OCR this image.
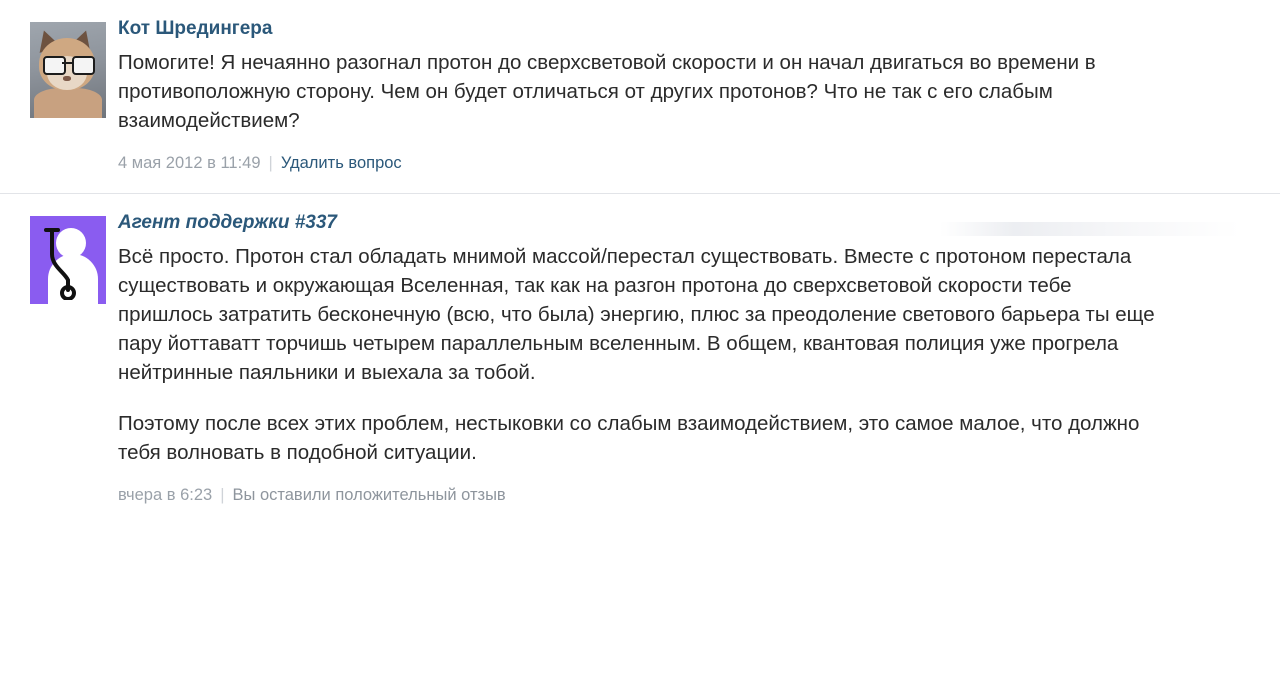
Кот Шредингера

Помогите! Я нечаянно разогнал протон до сверхсветовой скорости и он начал двигаться во времени в противоположную сторону. Чем он будет отличаться от других протонов? Что не так с его слабым взаимодействием?

4 мая 2012 в 11:49 | Удалить вопрос
Агент поддержки #337

Всё просто. Протон стал обладать мнимой массой/перестал существовать. Вместе с протоном перестала существовать и окружающая Вселенная, так как на разгон протона до сверхсветовой скорости тебе пришлось затратить бесконечную (всю, что была) энергию, плюс за преодоление светового барьера ты еще пару йоттаватт торчишь четырем параллельным вселенным. В общем, квантовая полиция уже прогрела нейтринные паяльники и выехала за тобой.

Поэтому после всех этих проблем, нестыковки со слабым взаимодействием, это самое малое, что должно тебя волновать в подобной ситуации.

вчера в 6:23 | Вы оставили положительный отзыв
